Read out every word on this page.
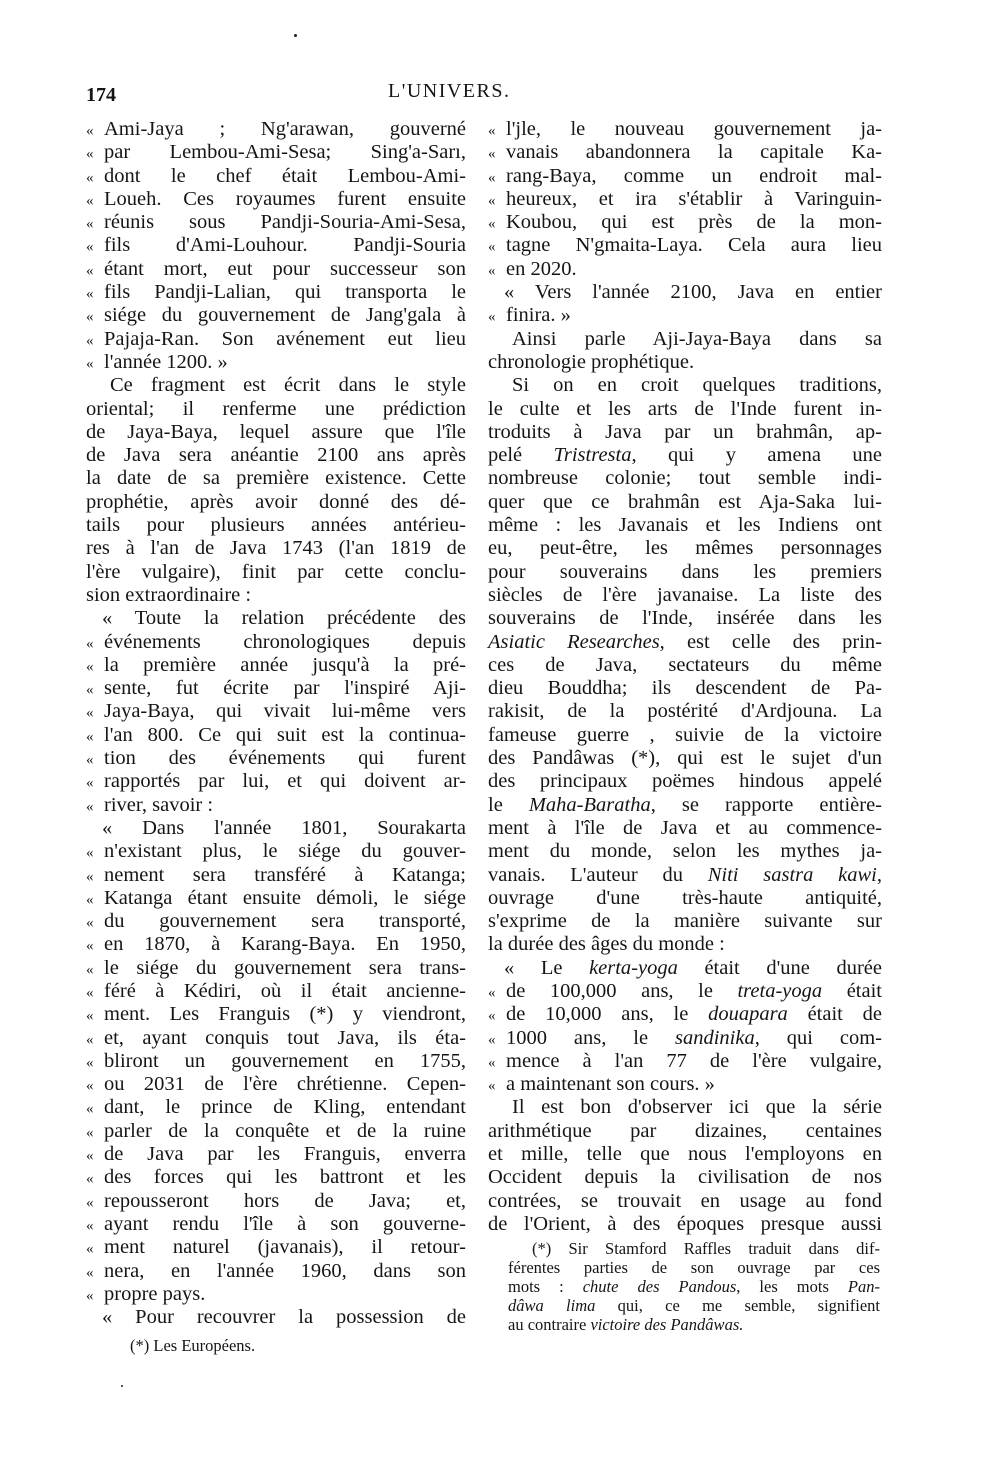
174	L'UNIVERS.
« Ami-Jaya ; Ng'arawan, gouverné
« par Lembou-Ami-Sesa; Sing'a-Sarı,
« dont le chef était Lembou-Ami-
« Loueh. Ces royaumes furent ensuite
« réunis sous Pandji-Souria-Ami-Sesa,
« fils d'Ami-Louhour. Pandji-Souria
« étant mort, eut pour successeur son
« fils Pandji-Lalian, qui transporta le
« siége du gouvernement de Jang'gala à
« Pajaja-Ran. Son avénement eut lieu
« l'année 1200. »
Ce fragment est écrit dans le style
oriental; il renferme une prédiction
de Jaya-Baya, lequel assure que l'île
de Java sera anéantie 2100 ans après
la date de sa première existence. Cette
prophétie, après avoir donné des dé-
tails pour plusieurs années antérieu-
res à l'an de Java 1743 (l'an 1819 de
l'ère vulgaire), finit par cette conclu-
sion extraordinaire :
« Toute la relation précédente des
« événements chronologiques depuis
« la première année jusqu'à la pré-
« sente, fut écrite par l'inspiré Aji-
« Jaya-Baya, qui vivait lui-même vers
« l'an 800. Ce qui suit est la continua-
« tion des événements qui furent
« rapportés par lui, et qui doivent ar-
« river, savoir :
« Dans l'année 1801, Sourakarta
« n'existant plus, le siége du gouver-
« nement sera transféré à Katanga;
« Katanga étant ensuite démoli, le siége
« du gouvernement sera transporté,
« en 1870, à Karang-Baya. En 1950,
« le siége du gouvernement sera trans-
« féré à Kédiri, où il était ancienne-
« ment. Les Franguis (*) y viendront,
« et, ayant conquis tout Java, ils éta-
« bliront un gouvernement en 1755,
« ou 2031 de l'ère chrétienne. Cepen-
« dant, le prince de Kling, entendant
« parler de la conquête et de la ruine
« de Java par les Franguis, enverra
« des forces qui les battront et les
« repousseront hors de Java; et,
« ayant rendu l'île à son gouverne-
« ment naturel (javanais), il retour-
« nera, en l'année 1960, dans son
« propre pays.
« Pour recouvrer la possession de
« l'jle, le nouveau gouvernement ja-
« vanais abandonnera la capitale Ka-
« rang-Baya, comme un endroit mal-
« heureux, et ira s'établir à Varinguin-
« Koubou, qui est près de la mon-
« tagne N'gmaita-Laya. Cela aura lieu
« en 2020.
« Vers l'année 2100, Java en entier
« finira. »
Ainsi parle Aji-Jaya-Baya dans sa
chronologie prophétique.
Si on en croit quelques traditions,
le culte et les arts de l'Inde furent in-
troduits à Java par un brahmân, ap-
pelé Tristresta, qui y amena une
nombreuse colonie; tout semble indi-
quer que ce brahmân est Aja-Saka lui-
même : les Javanais et les Indiens ont
eu, peut-être, les mêmes personnages
pour souverains dans les premiers
siècles de l'ère javanaise. La liste des
souverains de l'Inde, insérée dans les
Asiatic Researches, est celle des prin-
ces de Java, sectateurs du même
dieu Bouddha; ils descendent de Pa-
rakisit, de la postérité d'Ardjouna. La
fameuse guerre , suivie de la victoire
des Pandâwas (*), qui est le sujet d'un
des principaux poëmes hindous appelé
le Maha-Baratha, se rapporte entière-
ment à l'île de Java et au commence-
ment du monde, selon les mythes ja-
vanais. L'auteur du Niti sastra kawi,
ouvrage d'une très-haute antiquité,
s'exprime de la manière suivante sur
la durée des âges du monde :
« Le kerta-yoga était d'une durée
« de 100,000 ans, le treta-yoga était
« de 10,000 ans, le douapara était de
« 1000 ans, le sandinika, qui com-
« mence à l'an 77 de l'ère vulgaire,
« a maintenant son cours. »
Il est bon d'observer ici que la série
arithmétique par dizaines, centaines
et mille, telle que nous l'employons en
Occident depuis la civilisation de nos
contrées, se trouvait en usage au fond
de l'Orient, à des époques presque aussi
(*) Les Européens.
(*) Sir Stamford Raffles traduit dans dif-
férentes parties de son ouvrage par ces
mots : chute des Pandous, les mots Pan-
dâwa lima qui, ce me semble, signifient
au contraire victoire des Pandâwas.
